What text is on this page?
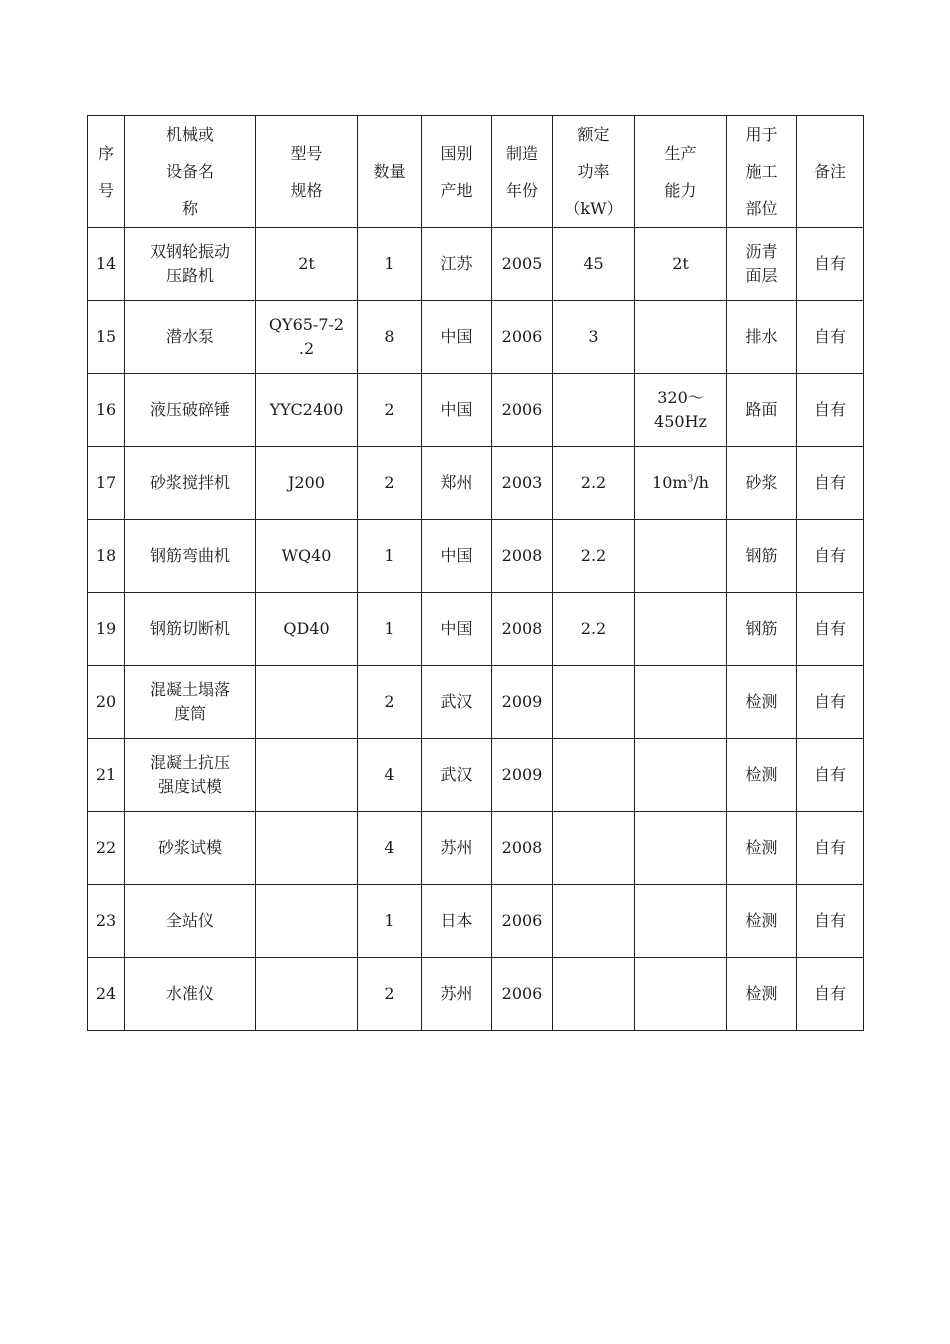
序
号	机械或
设备名
称	型号
规格	数量	国别
产地	制造
年份	额定
功率
（kW）	生产
能力	用于
施工
部位	备注
14	双钢轮振动
压路机	2t	1	江苏	2005	45	2t	沥青
面层	自有
15	潜水泵	QY65-7-2
.2	8	中国	2006	3		排水	自有
16	液压破碎锤	YYC2400	2	中国	2006		320～
450Hz	路面	自有
17	砂浆搅拌机	J200	2	郑州	2003	2.2	$10m^3/h$	砂浆	自有
18	钢筋弯曲机	WQ40	1	中国	2008	2.2		钢筋	自有
19	钢筋切断机	QD40	1	中国	2008	2.2		钢筋	自有
20	混凝土塌落
度筒		2	武汉	2009			检测	自有
21	混凝土抗压
强度试模		4	武汉	2009			检测	自有
22	砂浆试模		4	苏州	2008			检测	自有
23	全站仪		1	日本	2006			检测	自有
24	水准仪		2	苏州	2006			检测	自有
